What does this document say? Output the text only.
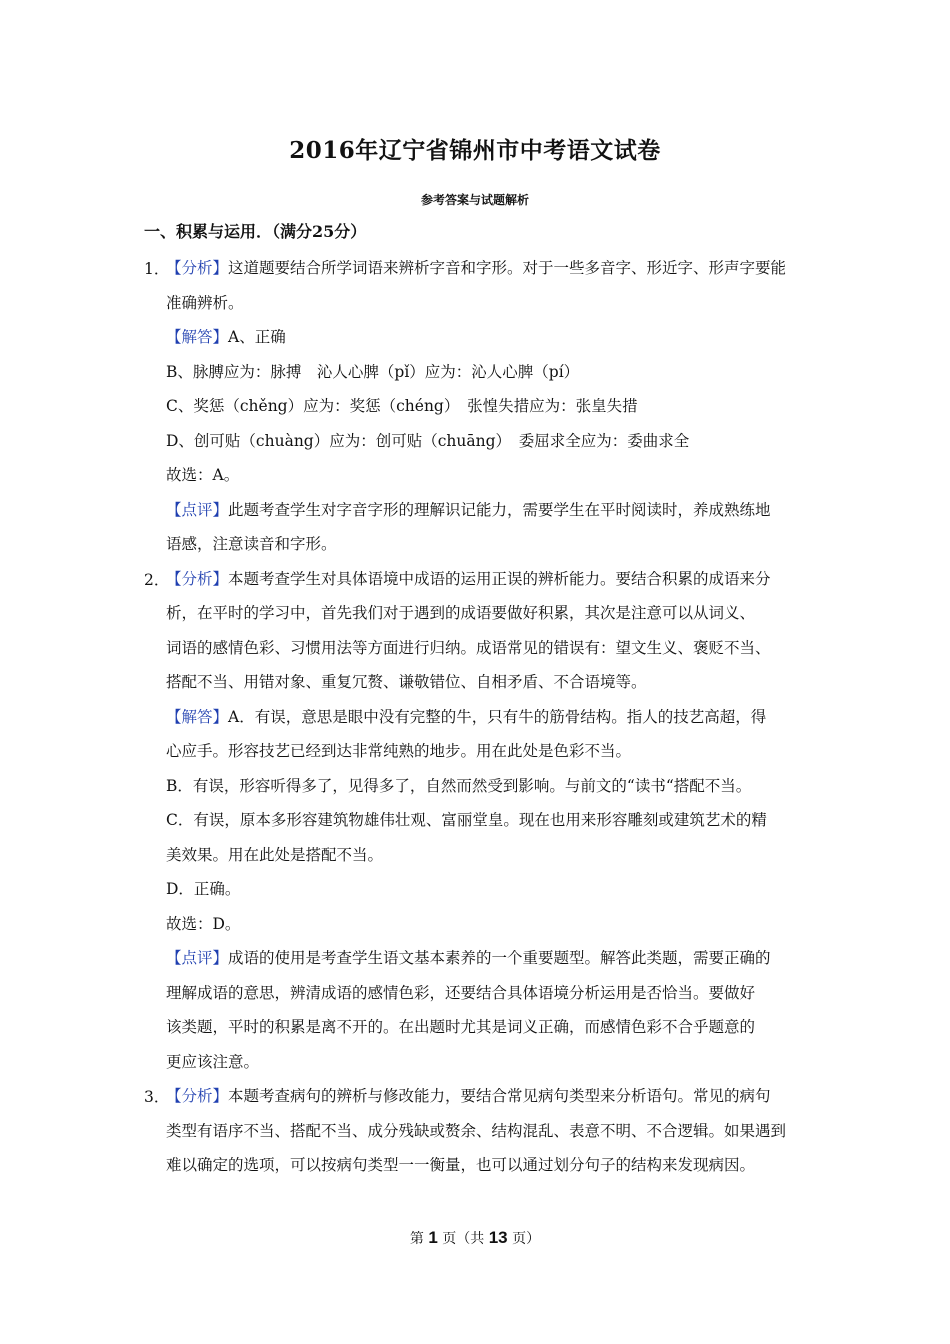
2016年辽宁省锦州市中考语文试卷
参考答案与试题解析
一、积累与运用．（满分25分）
1．
【分析】这道题要结合所学词语来辨析字音和字形。对于一些多音字、形近字、形声字要能
准确辨析。
【解答】A、正确
B、脉膊应为：脉搏　沁人心脾（pǐ）应为：沁人心脾（pí）
C、奖惩（chěng）应为：奖惩（chéng）　张惶失措应为：张皇失措
D、创可贴（chuàng）应为：创可贴（chuāng）　委屈求全应为：委曲求全
故选：A。
【点评】此题考查学生对字音字形的理解识记能力，需要学生在平时阅读时，养成熟练地
语感，注意读音和字形。
2．
【分析】本题考查学生对具体语境中成语的运用正误的辨析能力。要结合积累的成语来分
析，在平时的学习中，首先我们对于遇到的成语要做好积累，其次是注意可以从词义、
词语的感情色彩、习惯用法等方面进行归纳。成语常见的错误有：望文生义、褒贬不当、
搭配不当、用错对象、重复冗赘、谦敬错位、自相矛盾、不合语境等。
【解答】A．有误，意思是眼中没有完整的牛，只有牛的筋骨结构。指人的技艺高超，得
心应手。形容技艺已经到达非常纯熟的地步。用在此处是色彩不当。
B．有误，形容听得多了，见得多了，自然而然受到影响。与前文的“读书“搭配不当。
C．有误，原本多形容建筑物雄伟壮观、富丽堂皇。现在也用来形容雕刻或建筑艺术的精
美效果。用在此处是搭配不当。
D．正确。
故选：D。
【点评】成语的使用是考查学生语文基本素养的一个重要题型。解答此类题，需要正确的
理解成语的意思，辨清成语的感情色彩，还要结合具体语境分析运用是否恰当。要做好
该类题，平时的积累是离不开的。在出题时尤其是词义正确，而感情色彩不合乎题意的
更应该注意。
3．
【分析】本题考查病句的辨析与修改能力，要结合常见病句类型来分析语句。常见的病句
类型有语序不当、搭配不当、成分残缺或赘余、结构混乱、表意不明、不合逻辑。如果遇到
难以确定的选项，可以按病句类型一一衡量，也可以通过划分句子的结构来发现病因。
第 1 页（共 13 页）
